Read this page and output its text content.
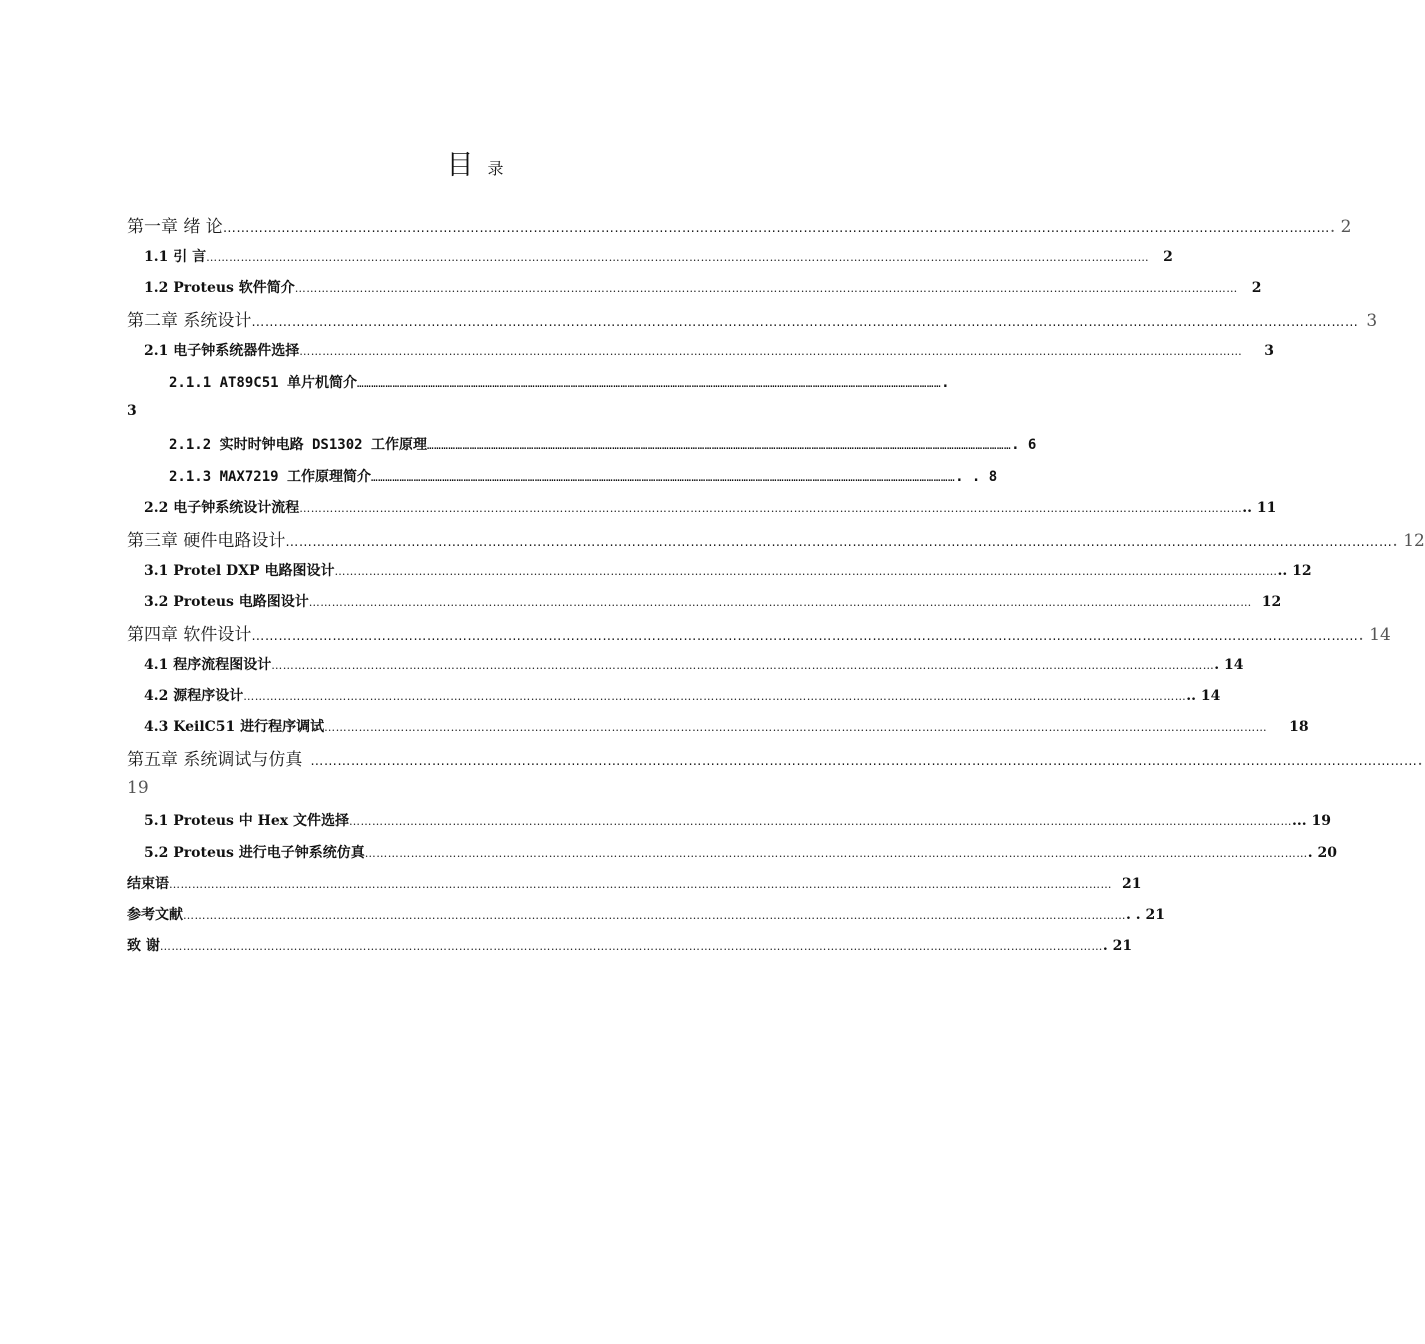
目录
第一章 绪 论 ………………………………………………………………………………………………………………………………………………………………………………………………………………………… . 2
1.1 引 言 ………………………………………………………………………………………………………………………………………………………………………………………………………………………… 2
1.2 Proteus 软件简介 ………………………………………………………………………………………………………………………………………………………………………………………………………………………… 2
第二章 系统设计 ………………………………………………………………………………………………………………………………………………………………………………………………………………………… 3
2.1 电子钟系统器件选择 ………………………………………………………………………………………………………………………………………………………………………………………………………………………… 3
2.1.1 AT89C51 单片机简介 ………………………………………………………………………………………………………………………………………………………………………………………………………………………… .
3
2.1.2 实时时钟电路 DS1302 工作原理 ………………………………………………………………………………………………………………………………………………………………………………………………………………………… . 6
2.1.3 MAX7219 工作原理简介 ………………………………………………………………………………………………………………………………………………………………………………………………………………………… . . 8
2.2 电子钟系统设计流程 ………………………………………………………………………………………………………………………………………………………………………………………………………………………… .. 11
第三章 硬件电路设计 ………………………………………………………………………………………………………………………………………………………………………………………………………………………… . 12
3.1 Protel DXP 电路图设计 ………………………………………………………………………………………………………………………………………………………………………………………………………………………… .. 12
3.2 Proteus 电路图设计 ………………………………………………………………………………………………………………………………………………………………………………………………………………………… 12
第四章 软件设计 ………………………………………………………………………………………………………………………………………………………………………………………………………………………… . 14
4.1 程序流程图设计 ………………………………………………………………………………………………………………………………………………………………………………………………………………………… . 14
4.2 源程序设计 ………………………………………………………………………………………………………………………………………………………………………………………………………………………… .. 14
4.3 KeilC51 进行程序调试 ………………………………………………………………………………………………………………………………………………………………………………………………………………………… 18
第五章 系统调试与仿真 ………………………………………………………………………………………………………………………………………………………………………………………………………………………… .
19
5.1 Proteus 中 Hex 文件选择 ………………………………………………………………………………………………………………………………………………………………………………………………………………………… ... 19
5.2 Proteus 进行电子钟系统仿真 ………………………………………………………………………………………………………………………………………………………………………………………………………………………… . 20
结束语 ………………………………………………………………………………………………………………………………………………………………………………………………………………………… 21
参考文献 ………………………………………………………………………………………………………………………………………………………………………………………………………………………… . . 21
致 谢 ………………………………………………………………………………………………………………………………………………………………………………………………………………………… . 21
